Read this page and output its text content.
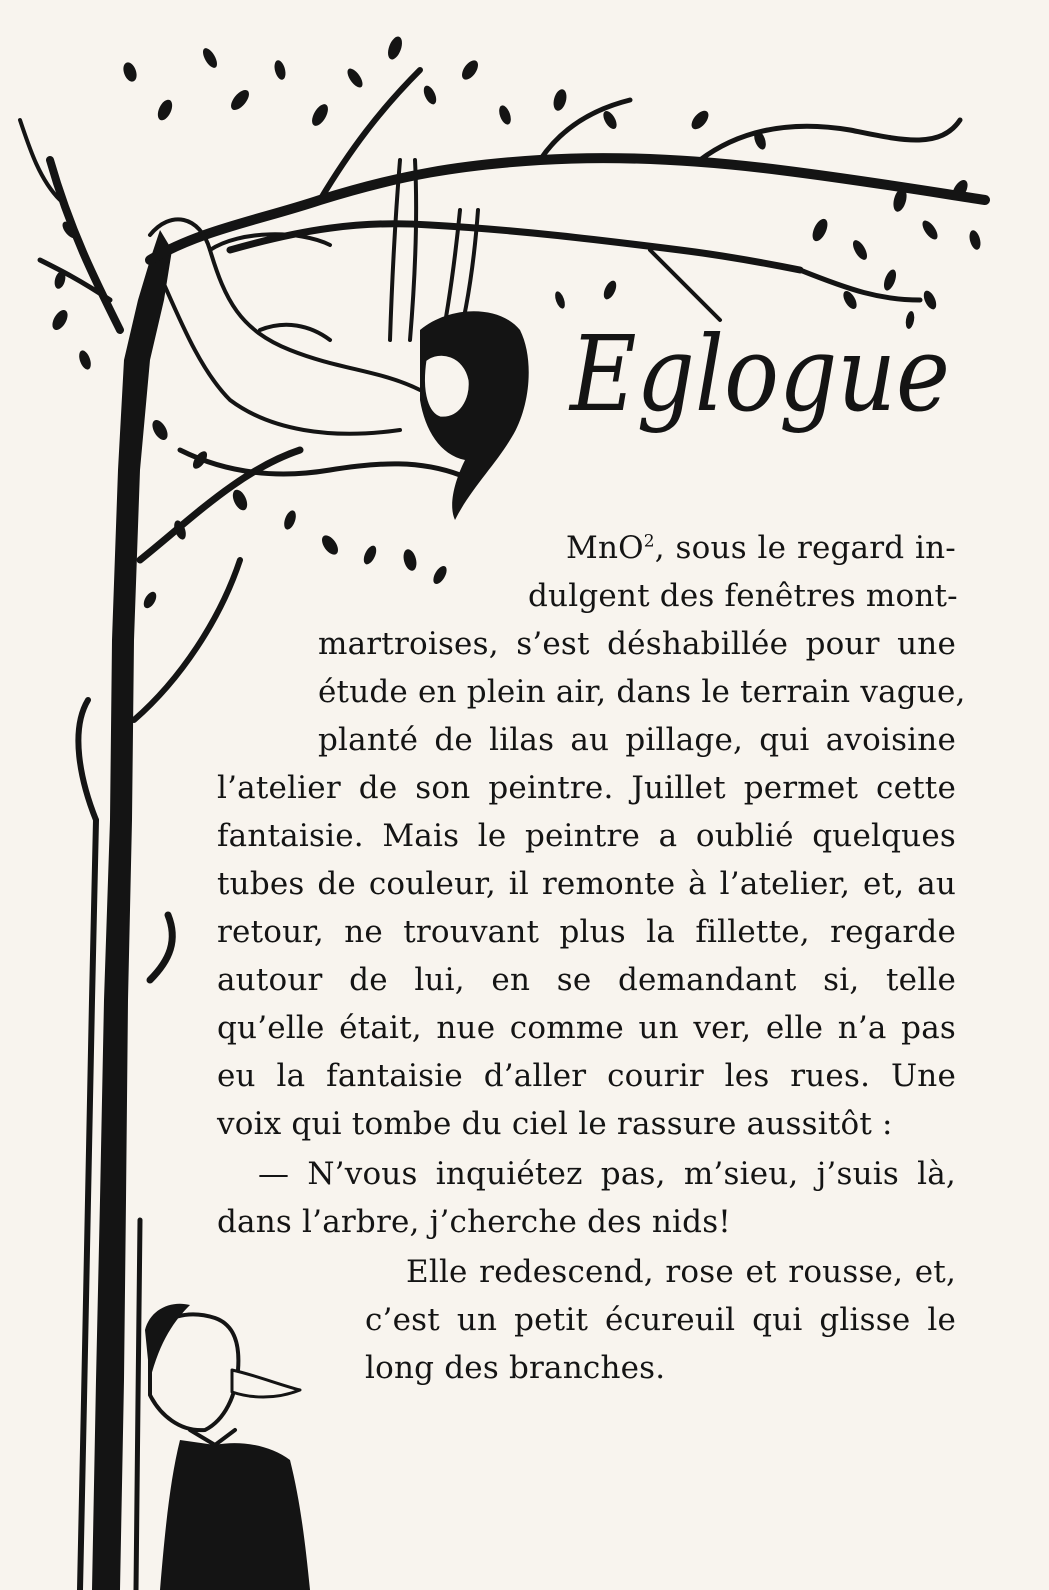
Eglogue
MnO$^2$, sous le regard in-
dulgent des fenêtres mont-
martroises, s’est déshabillée pour une
étude en plein air, dans le terrain vague,
planté de lilas au pillage, qui avoisine
l’atelier de son peintre. Juillet permet cette
fantaisie. Mais le peintre a oublié quelques
tubes de couleur, il remonte à l’atelier, et, au
retour, ne trouvant plus la fillette, regarde
autour de lui, en se demandant si, telle
qu’elle était, nue comme un ver, elle n’a pas
eu la fantaisie d’aller courir les rues. Une
voix qui tombe du ciel le rassure aussitôt :
— N’vous inquiétez pas, m’sieu, j’suis là,
dans l’arbre, j’cherche des nids!
Elle redescend, rose et rousse, et,
c’est un petit écureuil qui glisse le
long des branches.
